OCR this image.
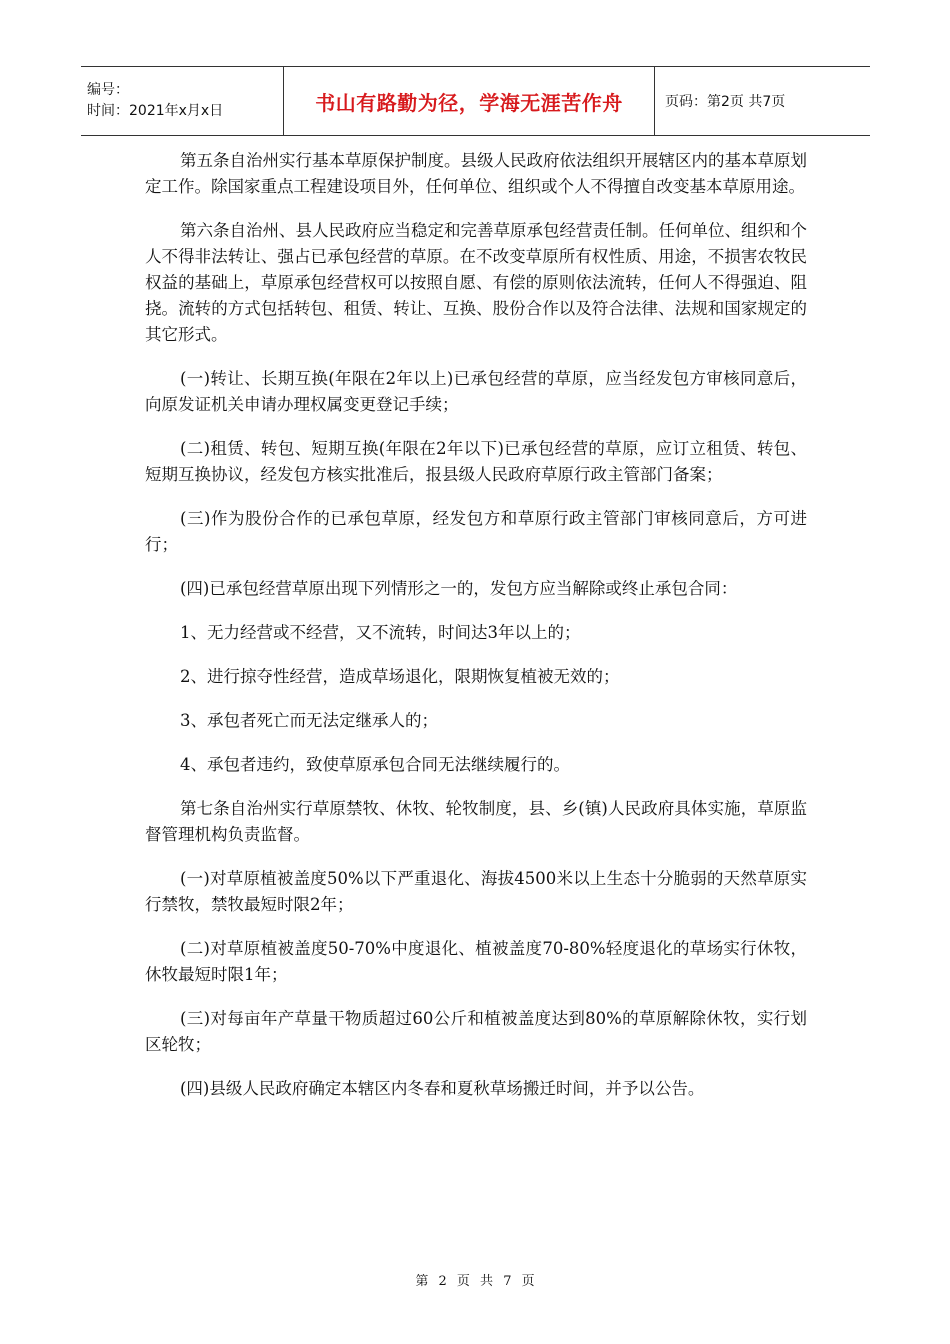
编号：
时间：2021年x月x日	书山有路勤为径，学海无涯苦作舟	页码：第2页 共7页

第五条自治州实行基本草原保护制度。县级人民政府依法组织开展辖区内的基本草原划定工作。除国家重点工程建设项目外，任何单位、组织或个人不得擅自改变基本草原用途。

第六条自治州、县人民政府应当稳定和完善草原承包经营责任制。任何单位、组织和个人不得非法转让、强占已承包经营的草原。在不改变草原所有权性质、用途，不损害农牧民权益的基础上，草原承包经营权可以按照自愿、有偿的原则依法流转，任何人不得强迫、阻挠。流转的方式包括转包、租赁、转让、互换、股份合作以及符合法律、法规和国家规定的其它形式。

(一)转让、长期互换(年限在2年以上)已承包经营的草原，应当经发包方审核同意后，向原发证机关申请办理权属变更登记手续；

(二)租赁、转包、短期互换(年限在2年以下)已承包经营的草原，应订立租赁、转包、短期互换协议，经发包方核实批准后，报县级人民政府草原行政主管部门备案；

(三)作为股份合作的已承包草原，经发包方和草原行政主管部门审核同意后，方可进行；

(四)已承包经营草原出现下列情形之一的，发包方应当解除或终止承包合同：

1、无力经营或不经营，又不流转，时间达3年以上的；

2、进行掠夺性经营，造成草场退化，限期恢复植被无效的；

3、承包者死亡而无法定继承人的；

4、承包者违约，致使草原承包合同无法继续履行的。

第七条自治州实行草原禁牧、休牧、轮牧制度，县、乡(镇)人民政府具体实施，草原监督管理机构负责监督。

(一)对草原植被盖度50%以下严重退化、海拔4500米以上生态十分脆弱的天然草原实行禁牧，禁牧最短时限2年；

(二)对草原植被盖度50-70%中度退化、植被盖度70-80%轻度退化的草场实行休牧，休牧最短时限1年；

(三)对每亩年产草量干物质超过60公斤和植被盖度达到80%的草原解除休牧，实行划区轮牧；

(四)县级人民政府确定本辖区内冬春和夏秋草场搬迁时间，并予以公告。

第 2 页 共 7 页
